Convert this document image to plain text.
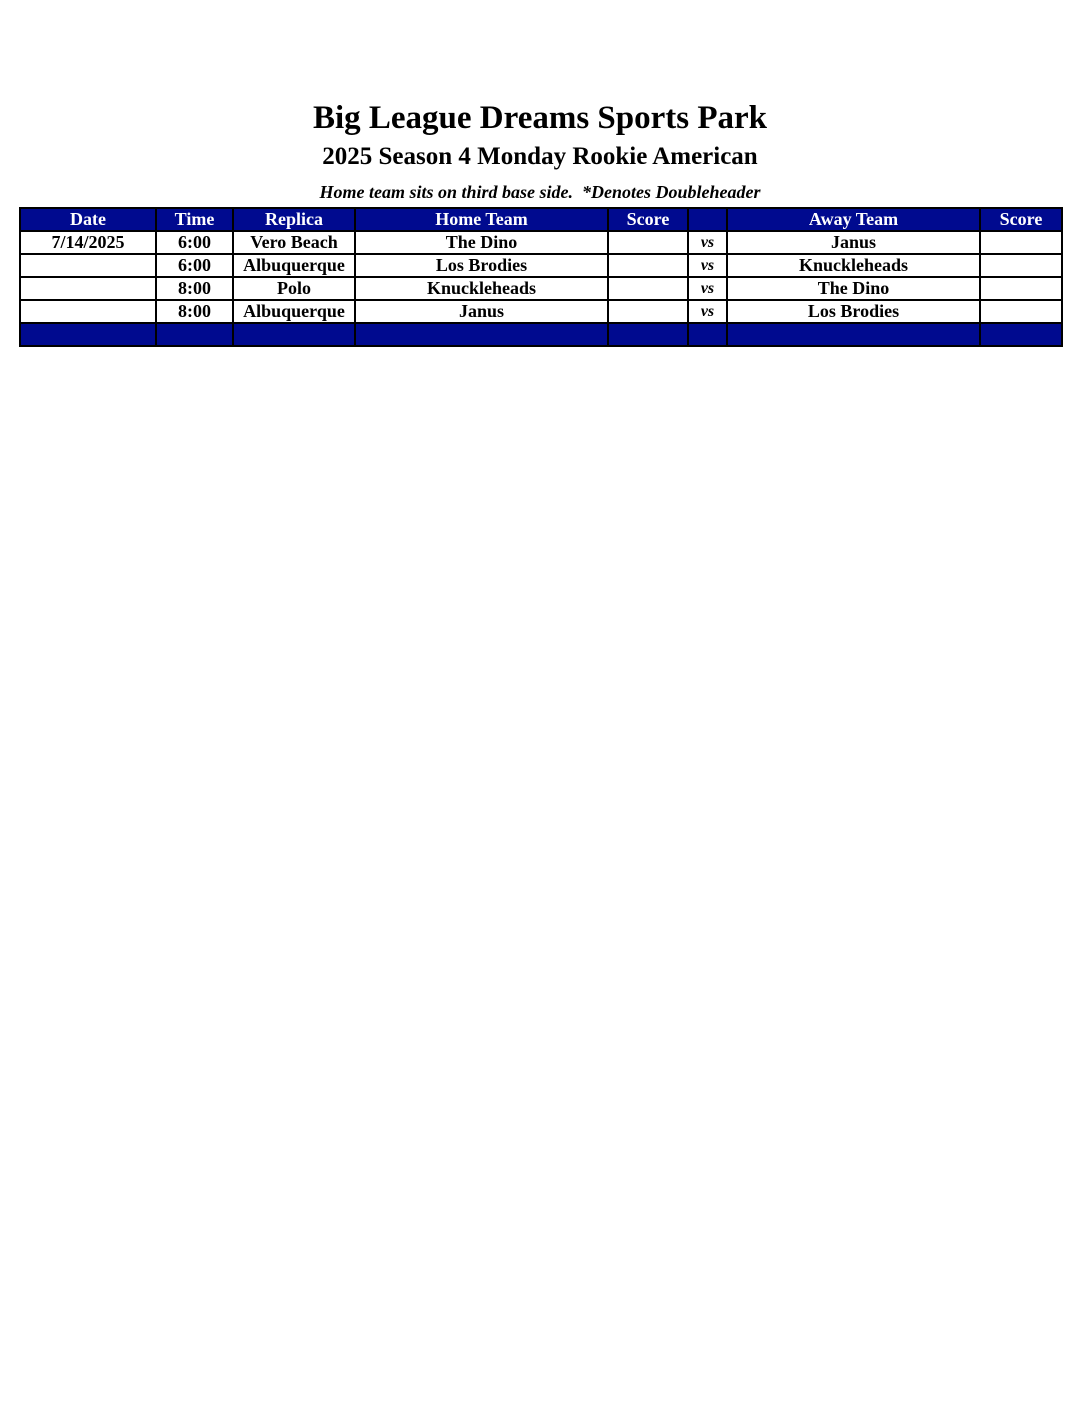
Big League Dreams Sports Park
2025 Season 4 Monday Rookie American
Home team sits on third base side.  *Denotes Doubleheader
Date	Time	Replica	Home Team	Score		Away Team	Score
7/14/2025	6:00	Vero Beach	The Dino		vs	Janus	
	6:00	Albuquerque	Los Brodies		vs	Knuckleheads	
	8:00	Polo	Knuckleheads		vs	The Dino	
	8:00	Albuquerque	Janus		vs	Los Brodies	
